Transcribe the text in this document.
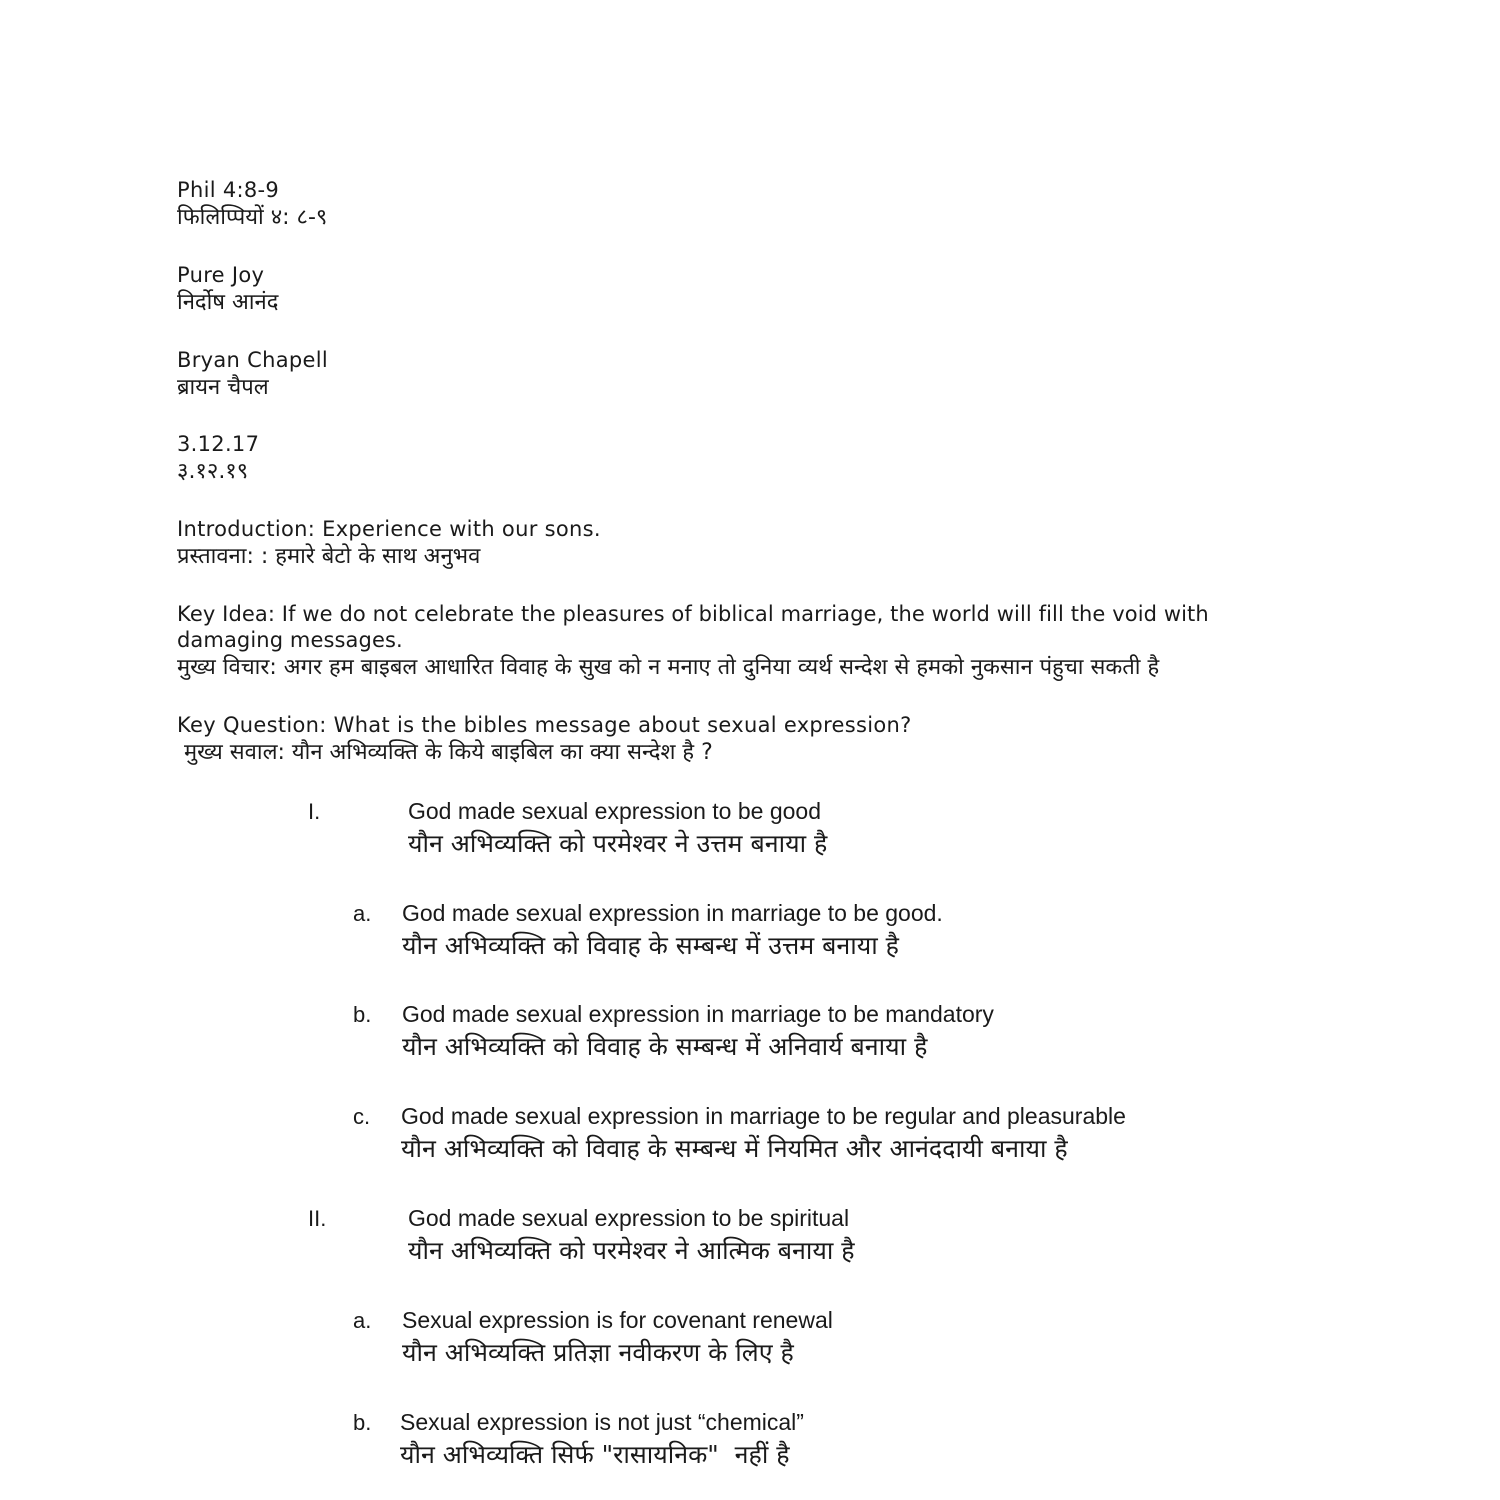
Phil 4:8-9
फिलिप्पियों ४: ८-९
Pure Joy
निर्दोष आनंद
Bryan Chapell
ब्रायन चैपल
3.12.17
३.१२.१९
Introduction: Experience with our sons.
प्रस्तावना: : हमारे बेटो के साथ अनुभव
Key Idea: If we do not celebrate the pleasures of biblical marriage, the world will fill the void with damaging messages.
मुख्य विचार: अगर हम बाइबल आधारित विवाह के सुख को न मनाए तो दुनिया व्यर्थ सन्देश से हमको नुकसान पंहुचा सकती है
Key Question: What is the bibles message about sexual expression?
मुख्य सवाल: यौन अभिव्यक्ति के किये बाइबिल का क्या सन्देश है ?
I.	God made sexual expression to be good
यौन अभिव्यक्ति को परमेश्वर ने उत्तम बनाया है
a. God made sexual expression in marriage to be good.
यौन अभिव्यक्ति को विवाह के सम्बन्ध में उत्तम बनाया है
b. God made sexual expression in marriage to be mandatory
यौन अभिव्यक्ति को विवाह के सम्बन्ध में अनिवार्य बनाया है
c. God made sexual expression in marriage to be regular and pleasurable
यौन अभिव्यक्ति को विवाह के सम्बन्ध में नियमित और आनंददायी बनाया है
II.	God made sexual expression to be spiritual
यौन अभिव्यक्ति को परमेश्वर ने आत्मिक बनाया है
a. Sexual expression is for covenant renewal
यौन अभिव्यक्ति प्रतिज्ञा नवीकरण के लिए है
b. Sexual expression is not just “chemical”
यौन अभिव्यक्ति सिर्फ "रासायनिक"  नहीं है
